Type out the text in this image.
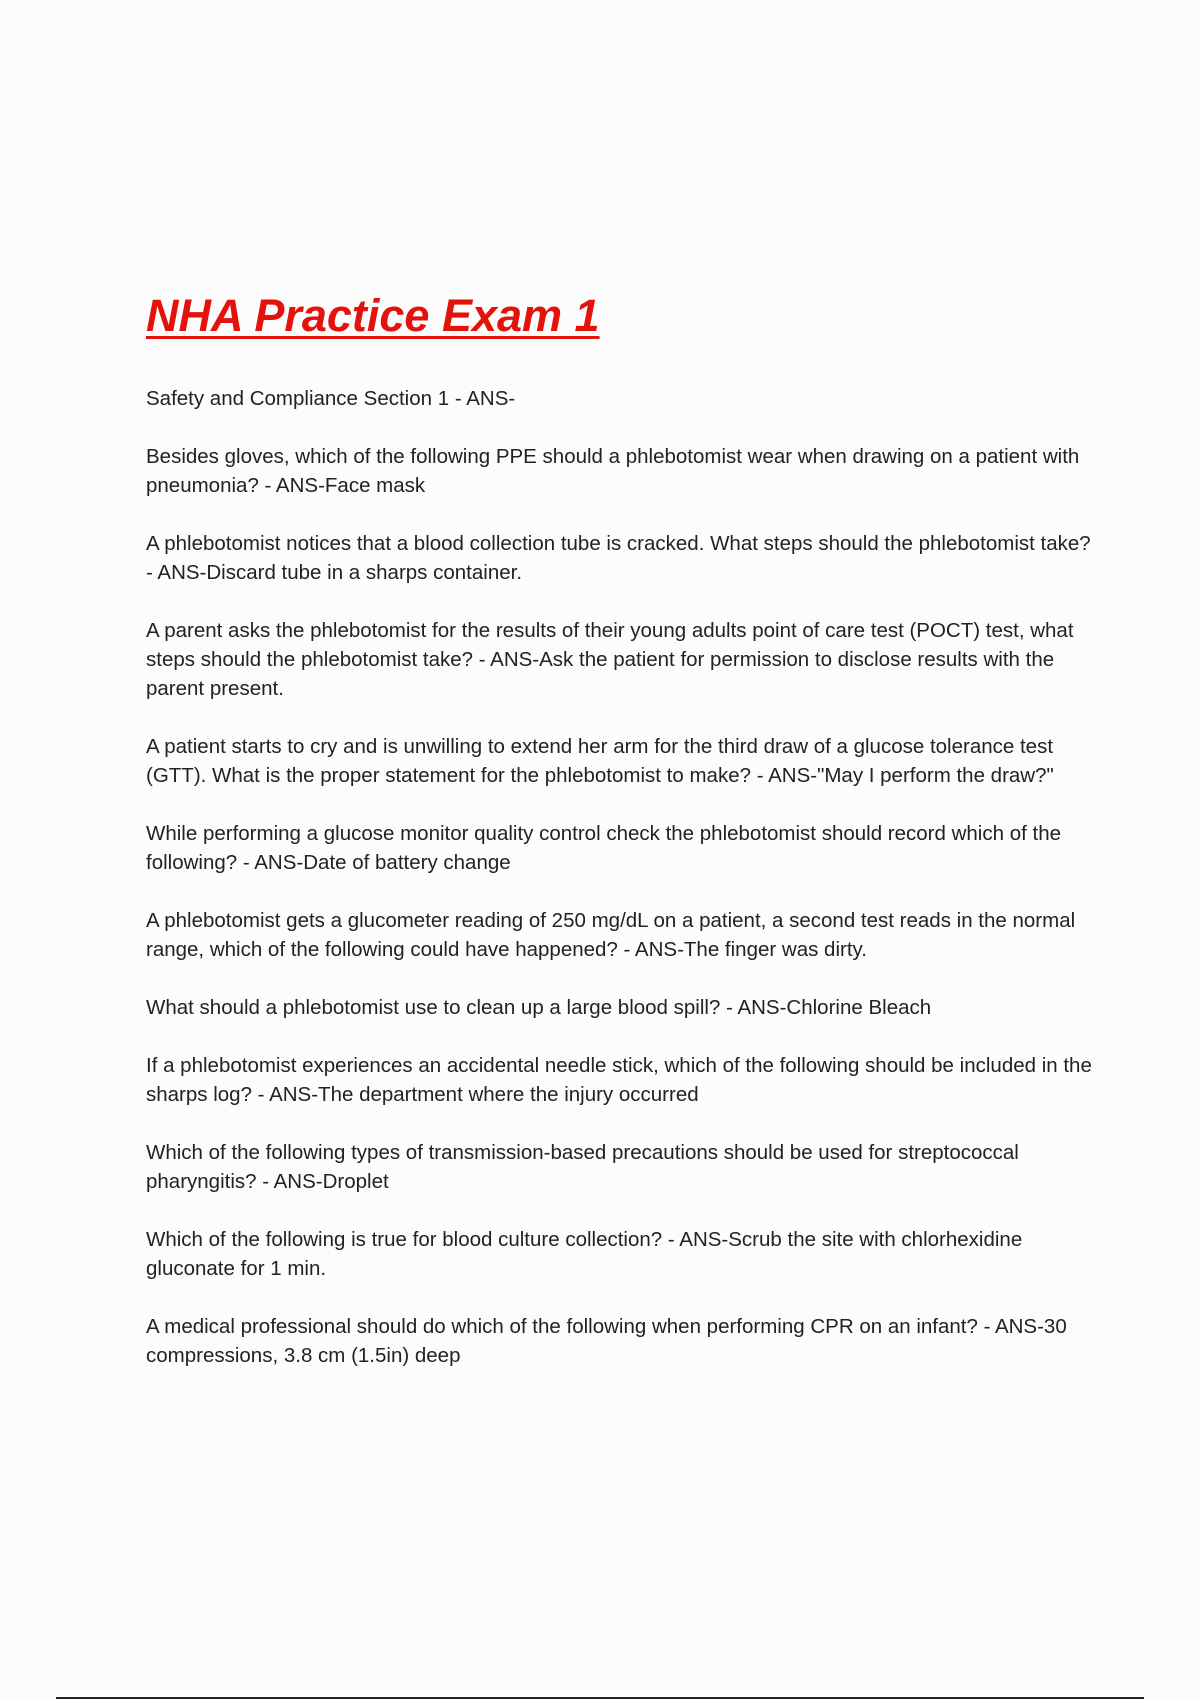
NHA Practice Exam 1

Safety and Compliance Section 1 - ANS-

Besides gloves, which of the following PPE should a phlebotomist wear when drawing on a patient with pneumonia? - ANS-Face mask

A phlebotomist notices that a blood collection tube is cracked. What steps should the phlebotomist take? - ANS-Discard tube in a sharps container.

A parent asks the phlebotomist for the results of their young adults point of care test (POCT) test, what steps should the phlebotomist take? - ANS-Ask the patient for permission to disclose results with the parent present.

A patient starts to cry and is unwilling to extend her arm for the third draw of a glucose tolerance test (GTT). What is the proper statement for the phlebotomist to make? - ANS-"May I perform the draw?"

While performing a glucose monitor quality control check the phlebotomist should record which of the following? - ANS-Date of battery change

A phlebotomist gets a glucometer reading of 250 mg/dL on a patient, a second test reads in the normal range, which of the following could have happened? - ANS-The finger was dirty.

What should a phlebotomist use to clean up a large blood spill? - ANS-Chlorine Bleach

If a phlebotomist experiences an accidental needle stick, which of the following should be included in the sharps log? - ANS-The department where the injury occurred

Which of the following types of transmission-based precautions should be used for streptococcal pharyngitis? - ANS-Droplet

Which of the following is true for blood culture collection? - ANS-Scrub the site with chlorhexidine gluconate for 1 min.

A medical professional should do which of the following when performing CPR on an infant? - ANS-30 compressions, 3.8 cm (1.5in) deep
